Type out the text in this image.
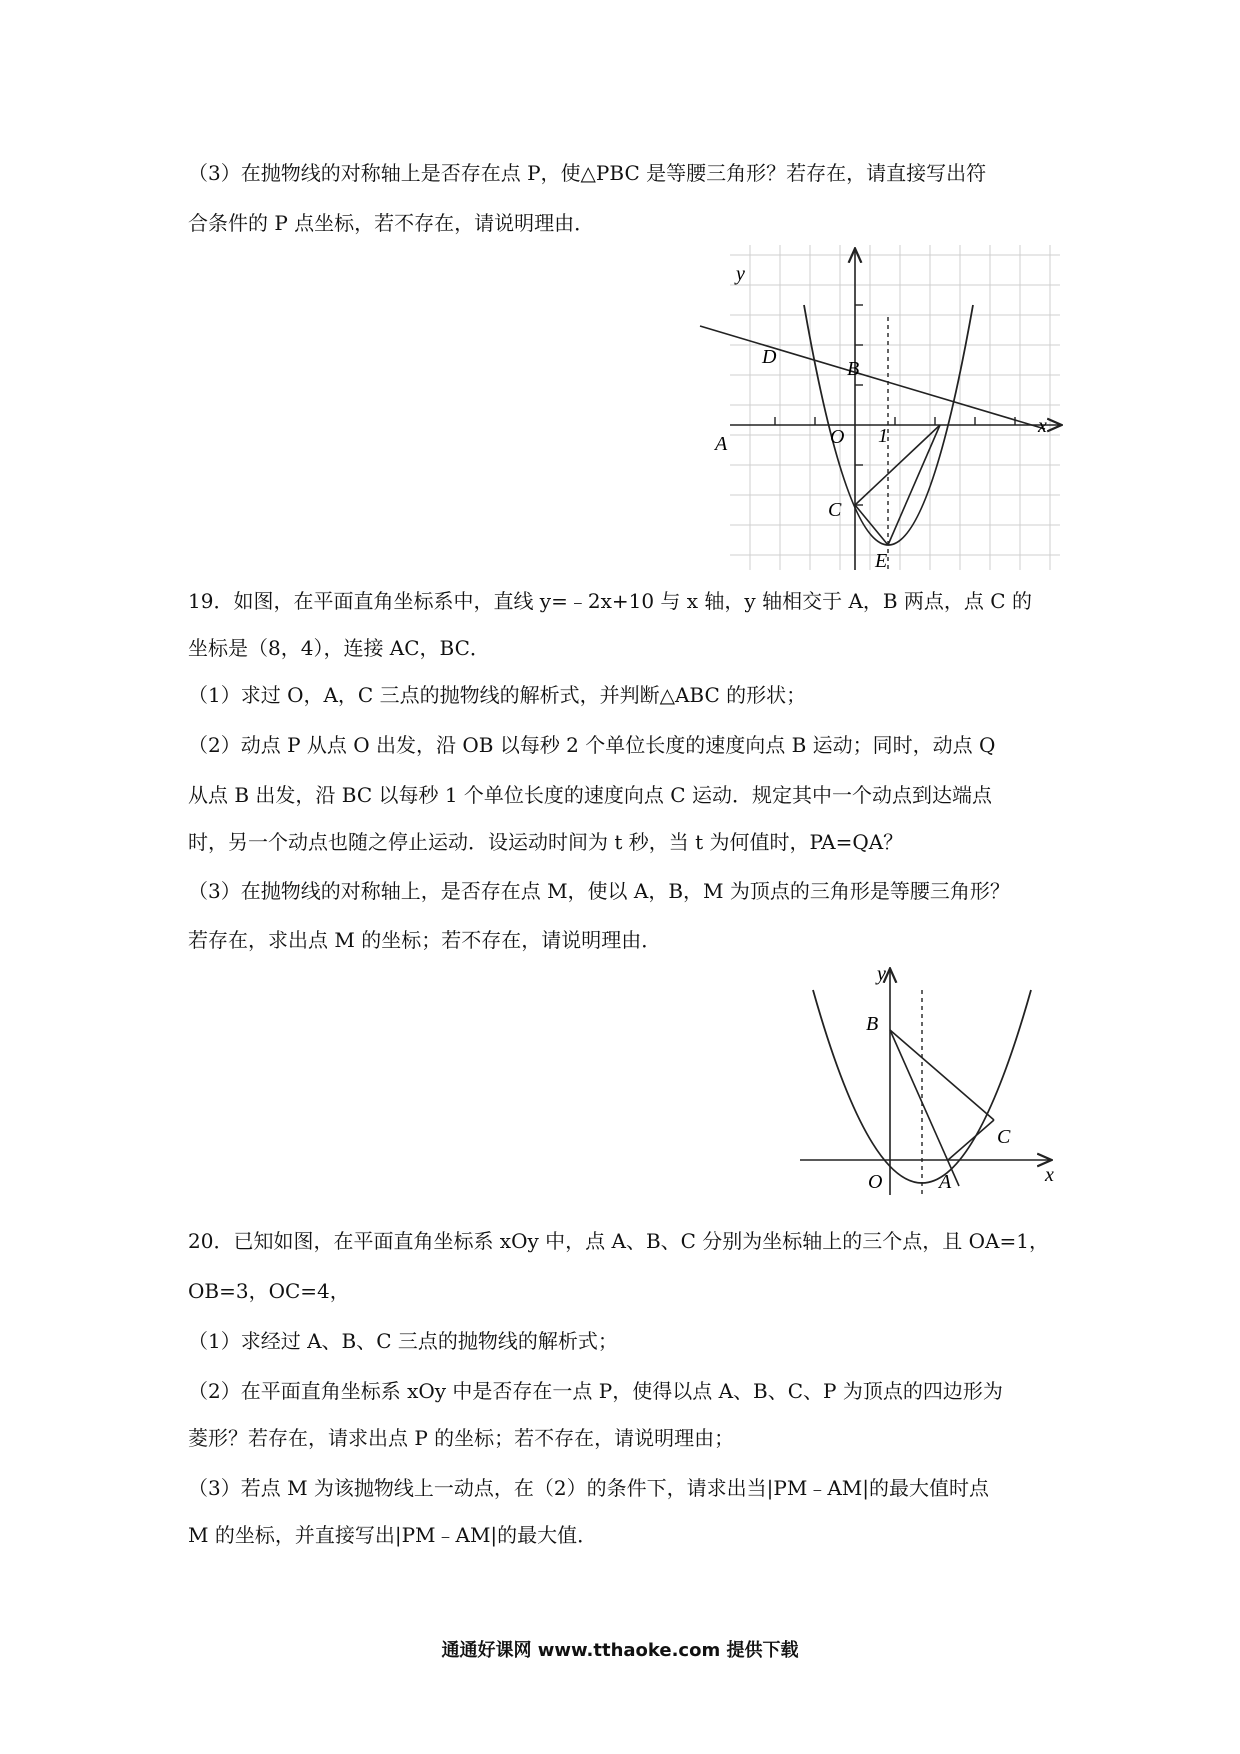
（3）在抛物线的对称轴上是否存在点 P，使△PBC 是等腰三角形？若存在，请直接写出符
合条件的 P 点坐标，若不存在，请说明理由．
y
x
D
B
A	O 1
C
E
19．如图，在平面直角坐标系中，直线 y=﹣2x+10 与 x 轴，y 轴相交于 A，B 两点，点 C 的
坐标是（8，4），连接 AC，BC．
（1）求过 O，A，C 三点的抛物线的解析式，并判断△ABC 的形状；
（2）动点 P 从点 O 出发，沿 OB 以每秒 2 个单位长度的速度向点 B 运动；同时，动点 Q
从点 B 出发，沿 BC 以每秒 1 个单位长度的速度向点 C 运动．规定其中一个动点到达端点
时，另一个动点也随之停止运动．设运动时间为 t 秒，当 t 为何值时，PA=QA？
（3）在抛物线的对称轴上，是否存在点 M，使以 A，B，M 为顶点的三角形是等腰三角形？
若存在，求出点 M 的坐标；若不存在，请说明理由．
y
x
B
C
O	A
20．已知如图，在平面直角坐标系 xOy 中，点 A、B、C 分别为坐标轴上的三个点，且 OA=1，
OB=3，OC=4，
（1）求经过 A、B、C 三点的抛物线的解析式；
（2）在平面直角坐标系 xOy 中是否存在一点 P，使得以点 A、B、C、P 为顶点的四边形为
菱形？若存在，请求出点 P 的坐标；若不存在，请说明理由；
（3）若点 M 为该抛物线上一动点，在（2）的条件下，请求出当|PM﹣AM|的最大值时点
M 的坐标，并直接写出|PM﹣AM|的最大值．
通通好课网 www.tthaoke.com 提供下载
